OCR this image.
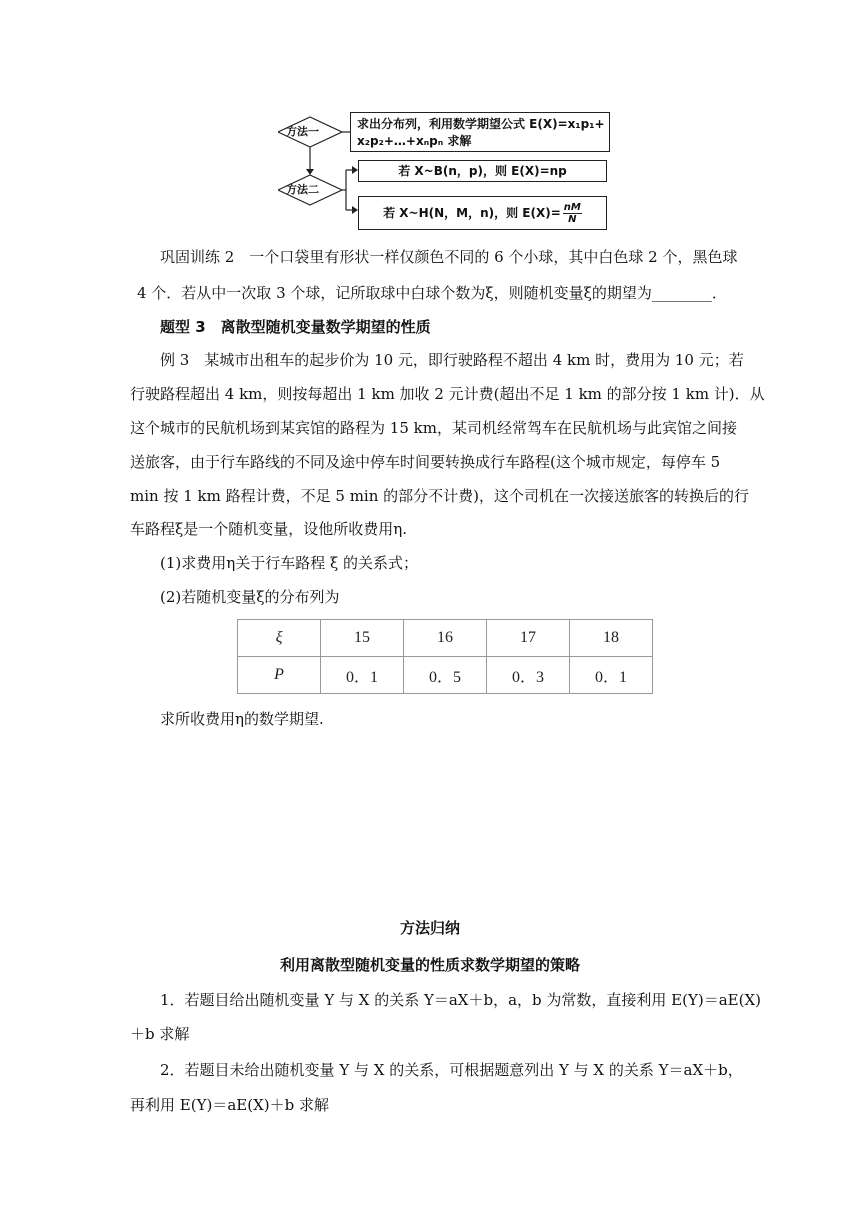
方法一
方法二
求出分布列，利用数学期望公式 E(X)=x₁p₁+
x₂p₂+…+xₙpₙ 求解
若 X~B(n，p)，则 E(X)=np
若 X~H(N，M，n)，则 $E(X)= \frac{nM}{N}$
巩固训练 2　一个口袋里有形状一样仅颜色不同的 6 个小球，其中白色球 2 个，黑色球
4 个．若从中一次取 3 个球，记所取球中白球个数为ξ，则随机变量ξ的期望为________．
题型 3　离散型随机变量数学期望的性质
例 3　某城市出租车的起步价为 10 元，即行驶路程不超出 4 km 时，费用为 10 元；若
行驶路程超出 4 km，则按每超出 1 km 加收 2 元计费(超出不足 1 km 的部分按 1 km 计)．从
这个城市的民航机场到某宾馆的路程为 15 km，某司机经常驾车在民航机场与此宾馆之间接
送旅客，由于行车路线的不同及途中停车时间要转换成行车路程(这个城市规定，每停车 5
min 按 1 km 路程计费，不足 5 min 的部分不计费)，这个司机在一次接送旅客的转换后的行
车路程ξ是一个随机变量，设他所收费用η.
(1)求费用η关于行车路程 ξ 的关系式；
(2)若随机变量ξ的分布列为
ξ	15	16	17	18
P	0．1	0．5	0．3	0．1
求所收费用η的数学期望.
方法归纳
利用离散型随机变量的性质求数学期望的策略
1．若题目给出随机变量 Y 与 X 的关系 Y＝aX＋b，a，b 为常数，直接利用 E(Y)＝aE(X)
＋b 求解
2．若题目未给出随机变量 Y 与 X 的关系，可根据题意列出 Y 与 X 的关系 Y＝aX＋b，
再利用 E(Y)＝aE(X)＋b 求解
